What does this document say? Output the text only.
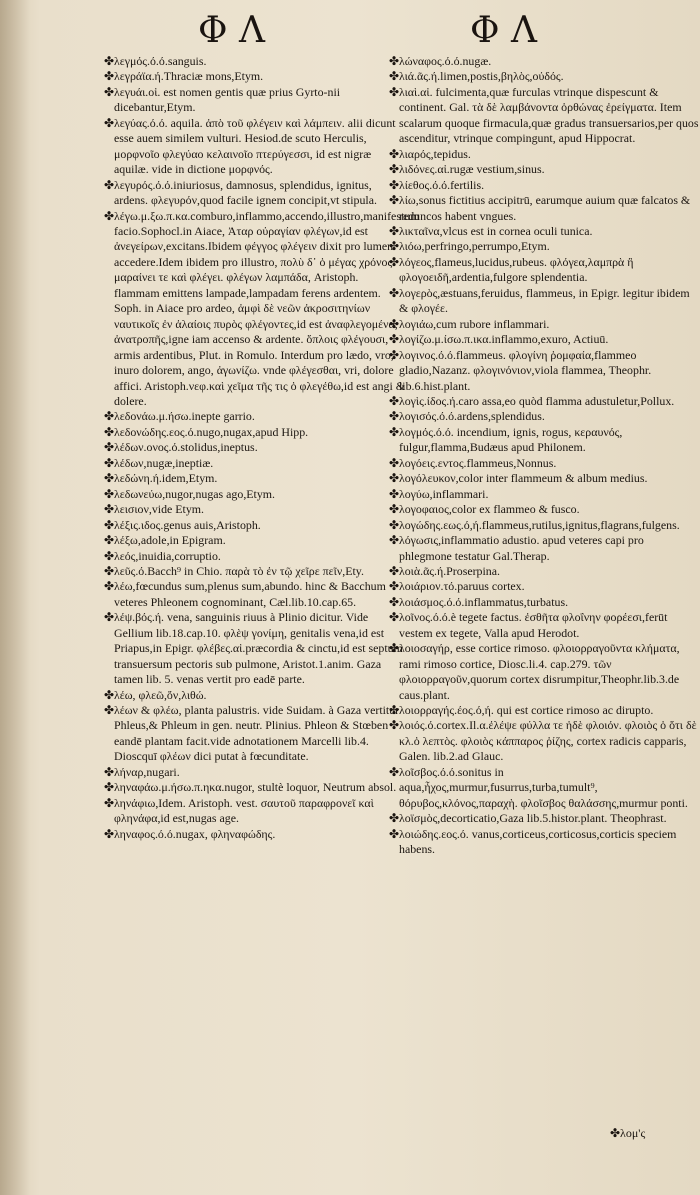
Φ Λ	Φ Λ

✤λεγμός.ό.ό.sanguis.

✤λεγράϊα.ή.Thraciæ mons,Etym.

✤λεγυάι.οἱ. est nomen gentis quæ prius Gyrto-nii dicebantur,Etym.

✤λεγύας.ό.ό. aquila. ἀπὸ τοῦ φλέγειν καὶ λάμπειν. alii dicunt esse auem similem vulturi. Hesiod.de scuto Herculis, μορφνοῖο φλεγύαο κελαινοῖο πτερύγεσσι, id est nigræ aquilæ. vide in dictione μορφνός.

✤λεγυρός.ό.ό.iniuriosus, damnosus, splendidus, ignitus, ardens. φλεγυρόν,quod facile ignem concipit,vt stipula.

✤λέγω.μ.ξω.π.κα.comburo,inflammo,accendo,illustro,manifestum facio.Sophocl.in Aiace, Ἀταρ οὐραγίαν φλέγων,id est ἀνεγείρων,excitans.Ibidem φέγγος φλέγειν dixit pro lumen accedere.Idem ibidem pro illustro, πολὺ δ᾽ ὁ μέγας χρόνος μαραίνει τε καὶ φλέγει. φλέγων λαμπάδα, Aristoph. flammam emittens lampade,lampadam ferens ardentem. Soph. in Aiace pro ardeo, ἀμφὶ δὲ νεῶν ἀκροσιτηνίων ναυτικοῖς ἐν ἀλαίοις πυρὸς φλέγοντες,id est ἀναφλεγομένα, ἀνατροπῆς,igne iam accenso & ardente. ὅπλοις φλέγουσι, armis ardentibus, Plut. in Romulo. Interdum pro lædo, vro, inuro dolorem, ango, ἀγωνίζω. vnde φλέγεσθαι, vri, dolore affici. Aristoph.νεφ.καὶ χεῖμα τῆς τις ὁ φλεγέθω,id est angi & dolere.

✤λεδονάω.μ.ήσω.inepte garrio.

✤λεδονώδης.εος.ό.nugo,nugax,apud Hipp.

✤λέδων.ονος.ό.stolidus,ineptus.

✤λέδων,nugæ,ineptiæ.

✤λεδώνη.ή.idem,Etym.

✤λεδωνεύω,nugor,nugas ago,Etym.

✤λεισιον,vide Etym.

✤λέξις.ιδος.genus auis,Aristoph.

✤λέξω,adole,in Epigram.

✤λεός,inuidia,corruptio.

✤λεῦς.ό.Bacch⁹ in Chio. παρὰ τὸ ἐν τῷ χεῖρε πεῖν,Ety.

✤λέω,fœcundus sum,plenus sum,abundo. hinc & Bacchum veteres Phleonem cognominant, Cæl.lib.10.cap.65.

✤λέψ.βός.ή. vena, sanguinis riuus à Plinio dicitur. Vide Gellium lib.18.cap.10. φλὲψ γονίμη, genitalis vena,id est Priapus,in Epigr. φλέβες.αἱ.præcordia & cinctu,id est septum transuersum pectoris sub pulmone, Aristot.1.anim. Gaza tamen lib. 5. venas vertit pro eadē parte.

✤λέω, φλεῶ,ὄν,λιθώ.

✤λέων & φλέω, planta palustris. vide Suidam. à Gaza vertitur Phleus,& Phleum in gen. neutr. Plinius. Phleon & Stœben eandē plantam facit.vide adnotationem Marcelli lib.4. Dioscquī φλέων dici putat à fœcunditate.

✤λήναρ,nugari.

✤ληναφάω.μ.ήσω.π.ηκα.nugor, stultè loquor, Neutrum absol.

✤ληνάφιω,Idem. Aristoph. vest. σαυτοῦ παραφρονεῖ καὶ φληνάφα,id est,nugas age.

✤ληναφος.ό.ό.nugax, φληναφώδης.

✤λώναφος.ό.ό.nugæ.

✤λιά.ᾶς.ή.limen,postis,βηλὸς,οὐδός.

✤λιαὶ.αἱ. fulcimenta,quæ furculas vtrinque dispescunt & continent. Gal. τὰ δὲ λαμβάνοντα ὀρθώνας ἐρείγματα. Item scalarum quoque firmacula,quæ gradus transuersarios,per quos ascenditur, vtrinque compingunt, apud Hippocrat.

✤λιαρός,tepidus.

✤λιδόνες.αἱ.rugæ vestium,sinus.

✤λίεθος.ό.ό.fertilis.

✤λίω,sonus fictitius accipitrū, earumque auium quæ falcatos & reduncos habent vngues.

✤λικταῖνα,vlcus est in cornea oculi tunica.

✤λιόω,perfringo,perrumpo,Etym.

✤λόγεος,flameus,lucidus,rubeus. φλόγεα,λαμπρὰ ἢ φλογοειδῆ,ardentia,fulgore splendentia.

✤λογερὸς,æstuans,feruidus, flammeus, in Epigr. legitur ibidem & φλογέε.

✤λογιάω,cum rubore inflammari.

✤λογίζω.μ.ίσω.π.ικα.inflammo,exuro, Actiuū.

✤λογινος.ό.ό.flammeus. φλογίνη ῥομφαία,flammeo gladio,Nazanz. φλογινόνιον,viola flammea, Theophr. lib.6.hist.plant.

✤λογὶς.ίδος.ή.caro assa,eo quòd flamma adustuletur,Pollux.

✤λογισός.ό.ό.ardens,splendidus.

✤λογμός.ό.ό. incendium, ignis, rogus, κεραυνός, fulgur,flamma,Budæus apud Philonem.

✤λογόεις.εντος.flammeus,Nonnus.

✤λογόλευκον,color inter flammeum & album medius.

✤λογύω,inflammari.

✤λογοφαιος,color ex flammeo & fusco.

✤λογώδης.εως.ό,ή.flammeus,rutilus,ignitus,flagrans,fulgens.

✤λόγωσις,inflammatio adustio. apud veteres capi pro phlegmone testatur Gal.Therap.

✤λοιὰ.ᾶς.ή.Proserpina.

✤λοιάριον.τό.paruus cortex.

✤λοιάσμος.ό.ό.inflammatus,turbatus.

✤λοῖνος.ό.ό.è tegete factus. ἐσθῆτα φλοΐνην φορέεσι,ferūt vestem ex tegete, Valla apud Herodot.

✤λοιοσαγήρ, esse cortice rimoso. φλοιορραγοῦντα κλήματα, rami rimoso cortice, Diosc.li.4. cap.279. τῶν φλοιορραγοῦν,quorum cortex disrumpitur,Theophr.lib.3.de caus.plant.

✤λοιορραγής.έος.ό,ή. qui est cortice rimoso ac dirupto.

✤λοιός.ό.cortex.Il.α.ἐλέψε φύλλα τε ἠδὲ φλοιόν. φλοιὸς ὁ ὅτι δὲ κλ.ὁ λεπτὸς. φλοιὸς κάππαρος ῥίζης, cortex radicis capparis, Galen. lib.2.ad Glauc.

✤λοῖσβος.ό.ό.sonitus in aqua,ἦχος,murmur,fusurrus,turba,tumult⁹, θόρυβος,κλόνος,παραχὴ. φλοῖσβος θαλάσσης,murmur ponti.

✤λοϊσμὸς,decorticatio,Gaza lib.5.histor.plant. Theophrast.

✤λοιώδης.εος.ό. vanus,corticeus,corticosus,corticis speciem habens.

✤λομ'ς
